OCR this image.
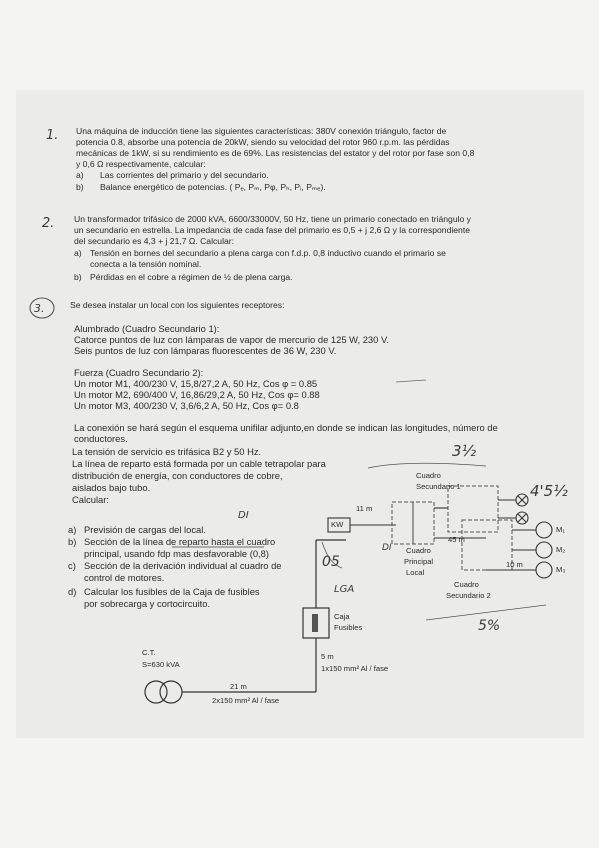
1. Una máquina de inducción tiene las siguientes características: 380V conexión triángulo, factor de
potencia 0.8, absorbe una potencia de 20kW, siendo su velocidad del rotor 960 r.p.m. las pérdidas
mecánicas de 1kW, si su rendimiento es de 69%. Las resistencias del estator y del rotor por fase son 0,8
y 0,6 Ω respectivamente, calcular:
a) Las corrientes del primario y del secundario.
b) Balance energético de potencias. ( Pₑ, Pₘ, Pφ, Pₕ, Pᵢ, Pₘₑ).
2. Un transformador trifásico de 2000 kVA, 6600/33000V, 50 Hz, tiene un primario conectado en triángulo y
un secundario en estrella. La impedancia de cada fase del primario es 0,5 + j 2,6 Ω y la correspondiente
del secundario es 4,3 + j 21,7 Ω. Calcular:
a) Tensión en bornes del secundario a plena carga con f.d.p. 0,8 inductivo cuando el primario se
conecta a la tensión nominal.
b) Pérdidas en el cobre a régimen de ½ de plena carga.
3.	Se desea instalar un local con los siguientes receptores:
Alumbrado (Cuadro Secundario 1):
Catorce puntos de luz con lámparas de vapor de mercurio de 125 W, 230 V.
Seis puntos de luz con lámparas fluorescentes de 36 W, 230 V.
Fuerza (Cuadro Secundario 2):
Un motor M1, 400/230 V, 15,8/27,2 A, 50 Hz, Cos φ = 0.85
Un motor M2, 690/400 V, 16,86/29,2 A, 50 Hz, Cos φ= 0.88
Un motor M3, 400/230 V, 3,6/6,2 A, 50 Hz, Cos φ= 0.8
La conexión se hará según el esquema unifilar adjunto,en donde se indican las longitudes, número de
conductores.
La tensión de servicio es trifásica B2 y 50 Hz.
La línea de reparto está formada por un cable tetrapolar para
distribución de energía, con conductores de cobre,
aislados bajo tubo.
Calcular:
a) Previsión de cargas del local.
b) Sección de la línea de reparto hasta el cuadro
principal, usando fdp mas desfavorable (0,8)
c) Sección de la derivación individual al cuadro de
control de motores.
d) Calcular los fusibles de la Caja de fusibles
por sobrecarga y cortocircuito.
C.T.
S=630 kVA
21 m
2x150 mm² Al / fase
5 m
1x150 mm² Al / fase
Caja
Fusibles
KW
11 m
Cuadro
Principal
Local
Cuadro
Secundario 1
Cuadro
Secundario 2
45 m
10 m
M₁
M₂
M₃
DI
DI
05
LGA
3½
4'5½
5%
